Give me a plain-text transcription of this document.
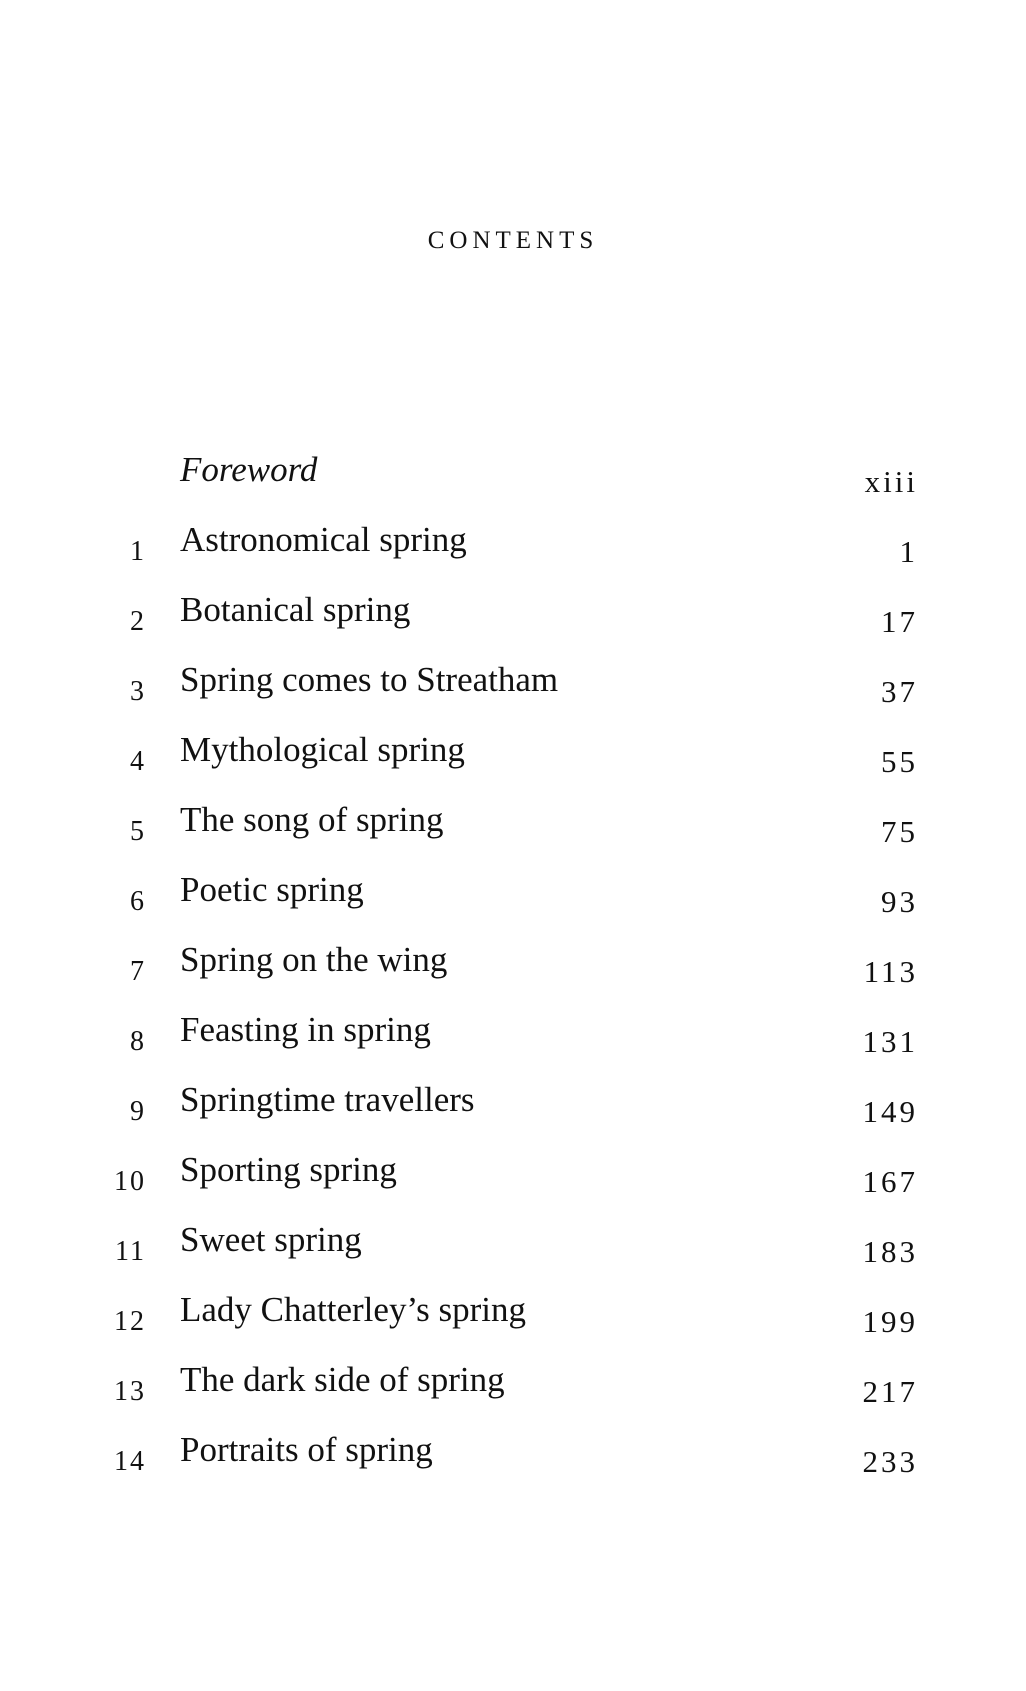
CONTENTS
Foreword	xiii
1 Astronomical spring	1
2 Botanical spring	17
3 Spring comes to Streatham	37
4 Mythological spring	55
5 The song of spring	75
6 Poetic spring	93
7 Spring on the wing	113
8 Feasting in spring	131
9 Springtime travellers	149
10 Sporting spring	167
11 Sweet spring	183
12 Lady Chatterley’s spring	199
13 The dark side of spring	217
14 Portraits of spring	233
